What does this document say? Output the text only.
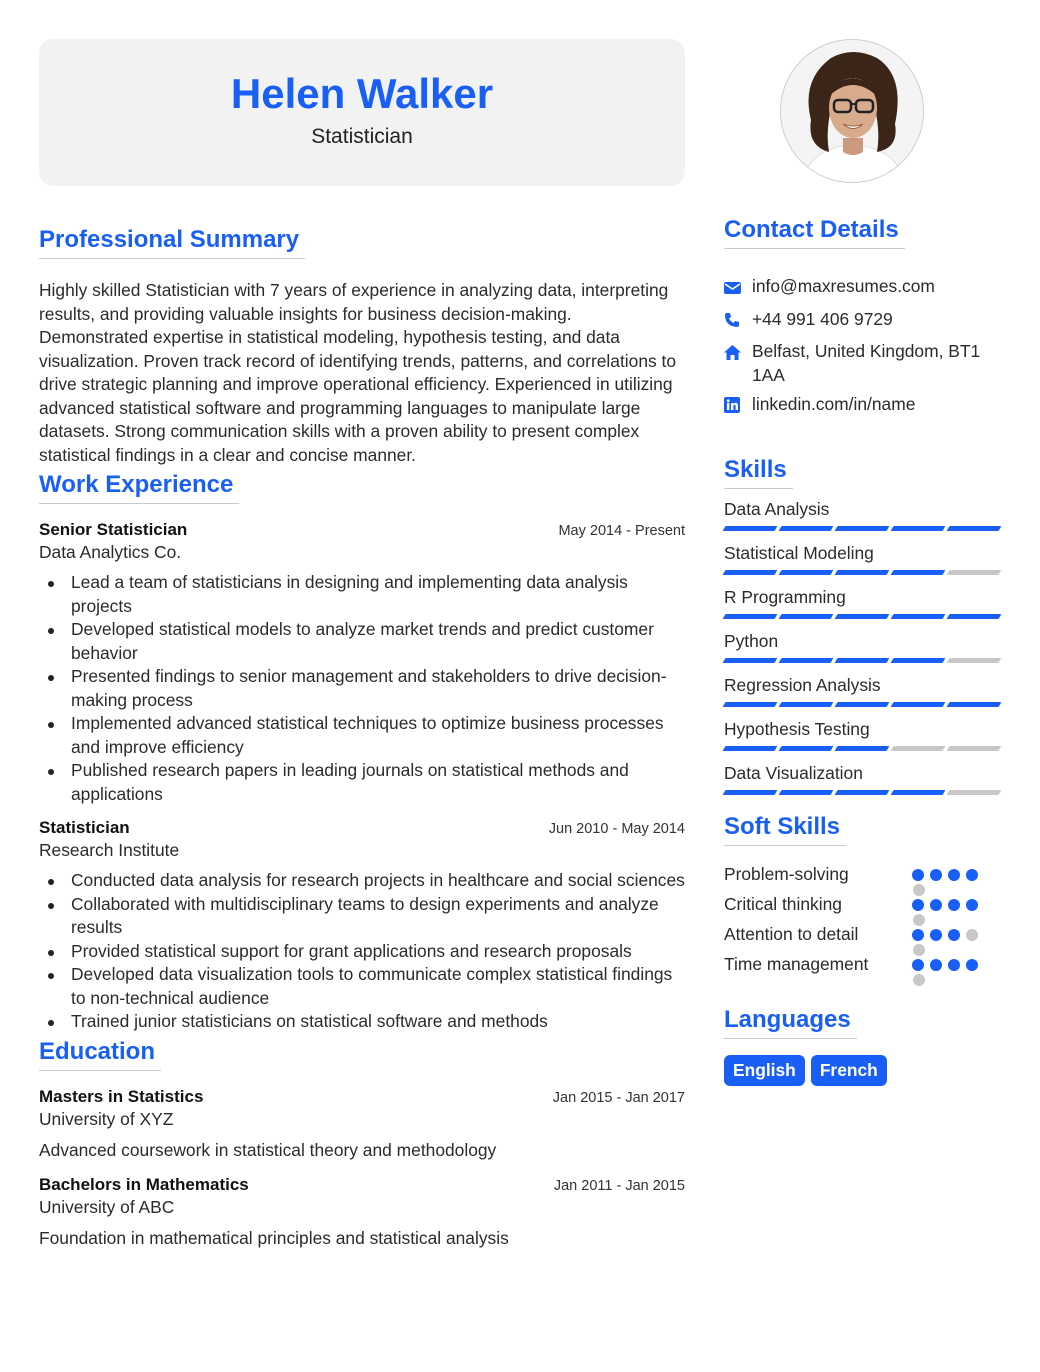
Helen Walker
Statistician
Professional Summary
Highly skilled Statistician with 7 years of experience in analyzing data, interpreting results, and providing valuable insights for business decision-making. Demonstrated expertise in statistical modeling, hypothesis testing, and data visualization. Proven track record of identifying trends, patterns, and correlations to drive strategic planning and improve operational efficiency. Experienced in utilizing advanced statistical software and programming languages to manipulate large datasets. Strong communication skills with a proven ability to present complex statistical findings in a clear and concise manner.
Work Experience
Senior Statistician	May 2014 - Present
Data Analytics Co.
Lead a team of statisticians in designing and implementing data analysis projects
Developed statistical models to analyze market trends and predict customer behavior
Presented findings to senior management and stakeholders to drive decision-making process
Implemented advanced statistical techniques to optimize business processes and improve efficiency
Published research papers in leading journals on statistical methods and applications
Statistician	Jun 2010 - May 2014
Research Institute
Conducted data analysis for research projects in healthcare and social sciences
Collaborated with multidisciplinary teams to design experiments and analyze results
Provided statistical support for grant applications and research proposals
Developed data visualization tools to communicate complex statistical findings to non-technical audience
Trained junior statisticians on statistical software and methods
Education
Masters in Statistics	Jan 2015 - Jan 2017
University of XYZ
Advanced coursework in statistical theory and methodology
Bachelors in Mathematics	Jan 2011 - Jan 2015
University of ABC
Foundation in mathematical principles and statistical analysis
Contact Details
info@maxresumes.com
+44 991 406 9729
Belfast, United Kingdom, BT1 1AA
linkedin.com/in/name
Skills
Data Analysis
Statistical Modeling
R Programming
Python
Regression Analysis
Hypothesis Testing
Data Visualization
Soft Skills
Problem-solving
Critical thinking
Attention to detail
Time management
Languages
English	French
